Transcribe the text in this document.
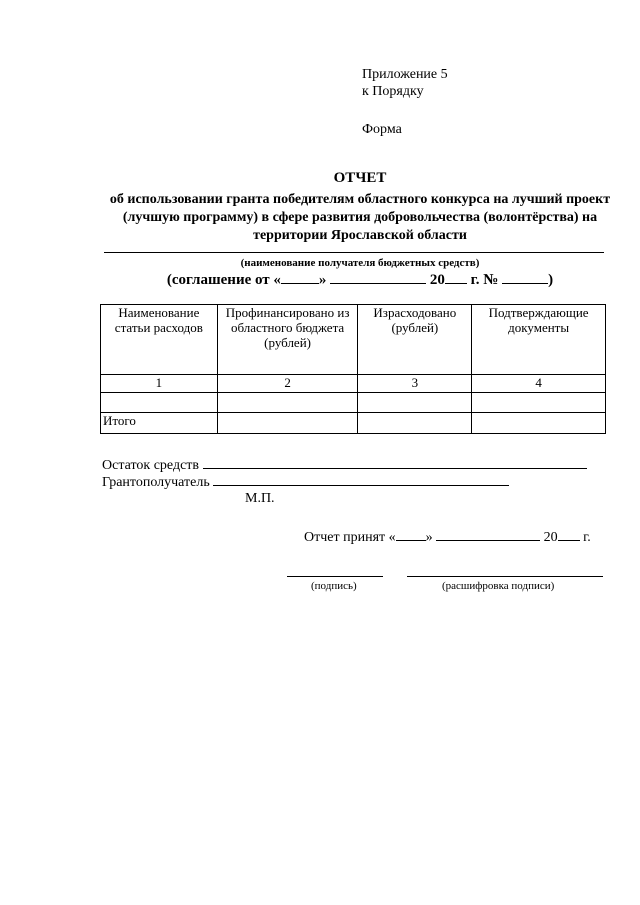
Приложение 5
к Порядку
Форма
ОТЧЕТ
об использовании гранта победителям областного конкурса на лучший проект (лучшую программу) в сфере развития добровольчества (волонтёрства) на территории Ярославской области
(наименование получателя бюджетных средств)
(соглашение от «	»	20 г. №	)
Наименование статьи расходов	Профинансировано из областного бюджета (рублей)	Израсходовано (рублей)	Подтверждающие документы
1	2	3	4

Итого			
Остаток средств
Грантополучатель
М.П.
Отчет принят « »	20 г.
(подпись)	(расшифровка подписи)
